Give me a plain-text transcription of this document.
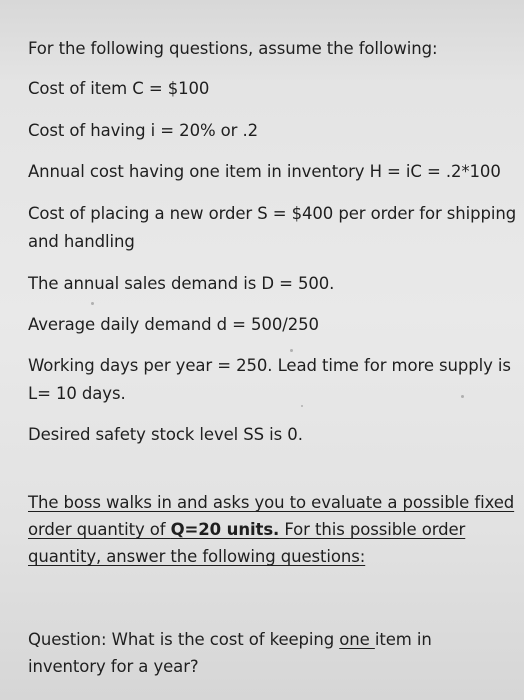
For the following questions, assume the following:
Cost of item C = $100
Cost of having i = 20% or .2
Annual cost having one item in inventory H = iC = .2*100
Cost of placing a new order S = $400 per order for shipping
and handling
The annual sales demand is D = 500.
Average daily demand d = 500/250
Working days per year = 250. Lead time for more supply is
L= 10 days.
Desired safety stock level SS is 0.
The boss walks in and asks you to evaluate a possible fixed
order quantity of Q=20 units. For this possible order
quantity, answer the following questions:
Question: What is the cost of keeping one item in
inventory for a year?
